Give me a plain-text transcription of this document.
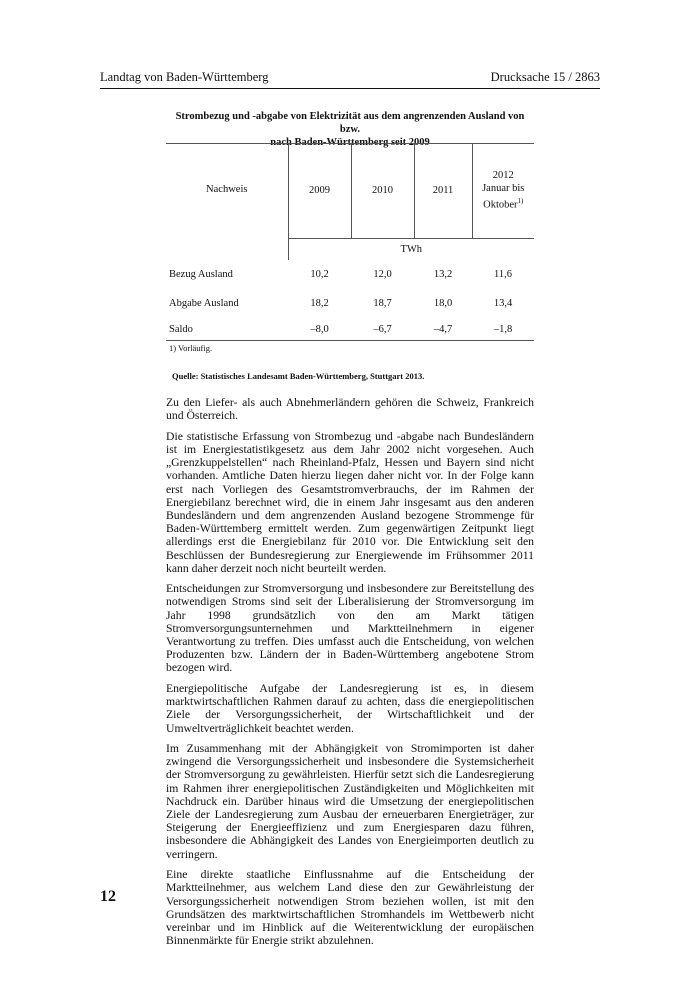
Landtag von Baden-Württemberg	Drucksache 15 / 2863
Strombezug und -abgabe von Elektrizität aus dem angrenzenden Ausland von bzw.
nach Baden-Württemberg seit 2009
Nachweis	2009	2010	2011	2012
Januar bis
Oktober$^{1)}$

	TWh			
Bezug Ausland	10,2	12,0	13,2	11,6
Abgabe Ausland	18,2	18,7	18,0	13,4
Saldo	–8,0	–6,7	–4,7	–1,8
1) Vorläufig.
Quelle: Statistisches Landesamt Baden-Württemberg, Stuttgart 2013.

Zu den Liefer- als auch Abnehmerländern gehören die Schweiz, Frankreich und Österreich.

Die statistische Erfassung von Strombezug und -abgabe nach Bundesländern ist im Energiestatistikgesetz aus dem Jahr 2002 nicht vorgesehen. Auch „Grenzkuppelstellen“ nach Rheinland-Pfalz, Hessen und Bayern sind nicht vorhanden. Amtliche Daten hierzu liegen daher nicht vor. In der Folge kann erst nach Vorliegen des Gesamtstromverbrauchs, der im Rahmen der Energiebilanz berechnet wird, die in einem Jahr insgesamt aus den anderen Bundesländern und dem angrenzenden Ausland bezogene Strommenge für Baden-Württemberg ermittelt werden. Zum gegenwärtigen Zeitpunkt liegt allerdings erst die Energiebilanz für 2010 vor. Die Entwicklung seit den Beschlüssen der Bundesregierung zur Energiewende im Frühsommer 2011 kann daher derzeit noch nicht beurteilt werden.

Entscheidungen zur Stromversorgung und insbesondere zur Bereitstellung des notwendigen Stroms sind seit der Liberalisierung der Stromversorgung im Jahr 1998 grundsätzlich von den am Markt tätigen Stromversorgungsunternehmen und Marktteilnehmern in eigener Verantwortung zu treffen. Dies umfasst auch die Entscheidung, von welchen Produzenten bzw. Ländern der in Baden-Württemberg angebotene Strom bezogen wird.

Energiepolitische Aufgabe der Landesregierung ist es, in diesem marktwirtschaftlichen Rahmen darauf zu achten, dass die energiepolitischen Ziele der Versorgungssicherheit, der Wirtschaftlichkeit und der Umweltverträglichkeit beachtet werden.

Im Zusammenhang mit der Abhängigkeit von Stromimporten ist daher zwingend die Versorgungssicherheit und insbesondere die Systemsicherheit der Stromversorgung zu gewährleisten. Hierfür setzt sich die Landesregierung im Rahmen ihrer energiepolitischen Zuständigkeiten und Möglichkeiten mit Nachdruck ein. Darüber hinaus wird die Umsetzung der energiepolitischen Ziele der Landesregierung zum Ausbau der erneuerbaren Energieträger, zur Steigerung der Energieeffizienz und zum Energiesparen dazu führen, insbesondere die Abhängigkeit des Landes von Energieimporten deutlich zu verringern.

Eine direkte staatliche Einflussnahme auf die Entscheidung der Marktteilnehmer, aus welchem Land diese den zur Gewährleistung der Versorgungssicherheit notwendigen Strom beziehen wollen, ist mit den Grundsätzen des marktwirtschaftlichen Stromhandels im Wettbewerb nicht vereinbar und im Hinblick auf die Weiterentwicklung der europäischen Binnenmärkte für Energie strikt abzulehnen.

12
